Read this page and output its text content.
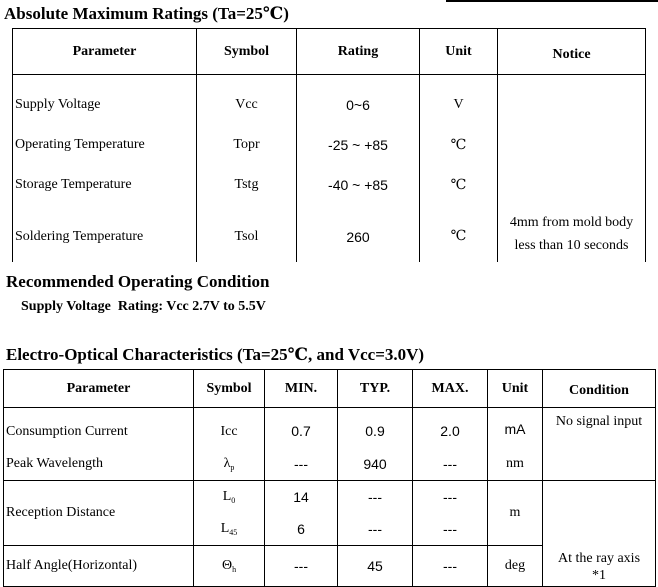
Absolute Maximum Ratings (Ta=25℃)
Parameter	Symbol	Rating	Unit	Notice
Supply Voltage	Vcc	0~6	V	
Operating Temperature	Topr	-25 ~ +85	℃	
Storage Temperature	Tstg	-40 ~ +85	℃	
Soldering Temperature	Tsol	260	℃	4mm from mold body
less than 10 seconds
Recommended Operating Condition
Supply Voltage  Rating: Vcc 2.7V to 5.5V
Electro-Optical Characteristics (Ta=25℃, and Vcc=3.0V)
Parameter	Symbol	MIN.	TYP.	MAX.	Unit	Condition
Consumption Current	Icc	0.7	0.9	2.0	mA	No signal input
Peak Wavelength	$\lambda_p$	---	940	---	nm	
Reception Distance	$L_0$	14	---	---	m	At the ray axis
*1

	$L_{45}$	6	---	---		
Half Angle(Horizontal)	$\Theta_h$	---	45	---	deg	
